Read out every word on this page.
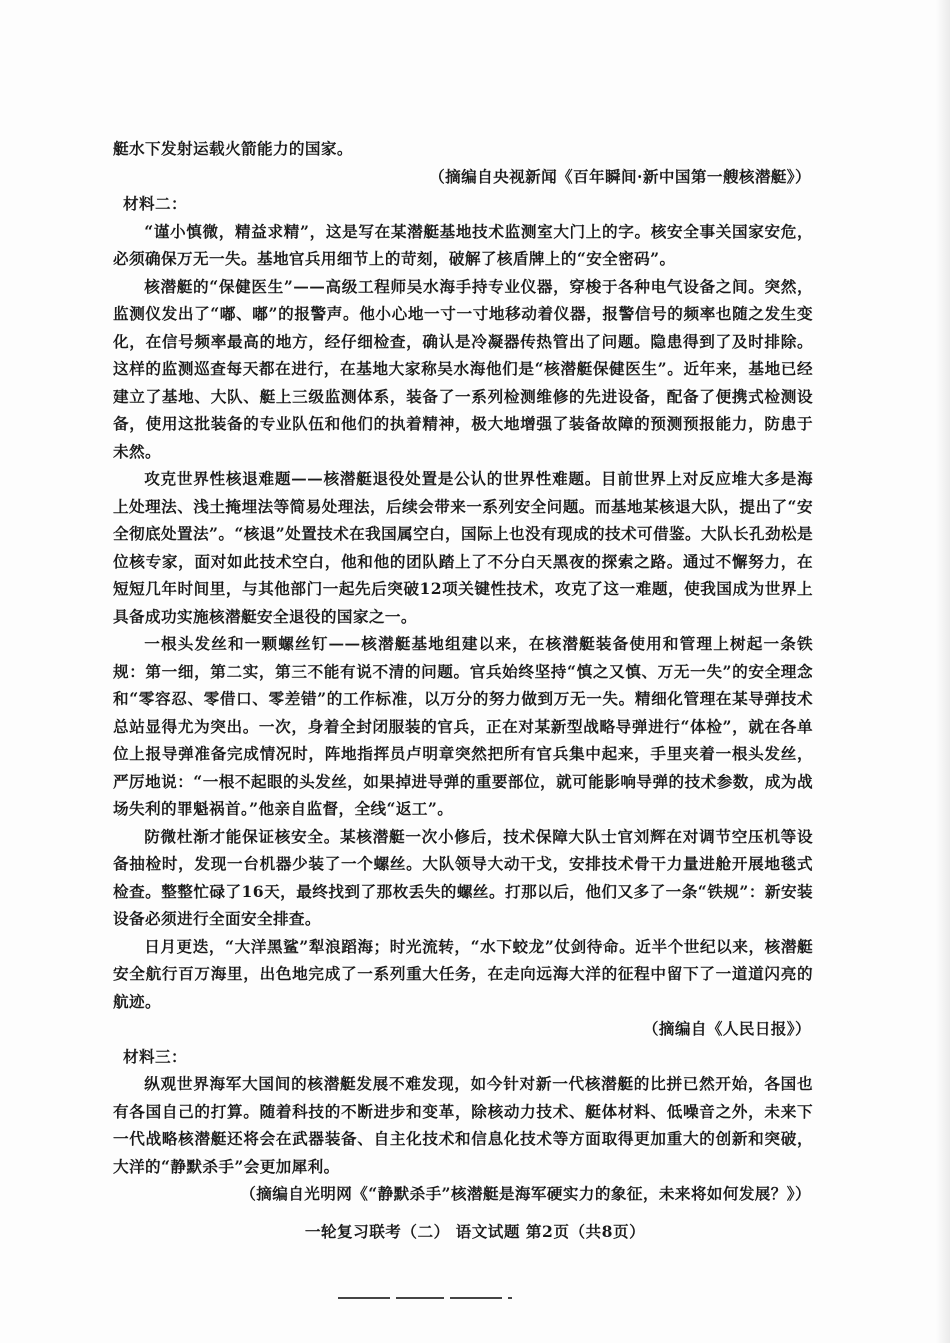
艇水下发射运载火箭能力的国家。

（摘编自央视新闻《百年瞬间·新中国第一艘核潜艇》）

材料二：

“谨小慎微，精益求精”，这是写在某潜艇基地技术监测室大门上的字。核安全事关国家安危，必须确保万无一失。基地官兵用细节上的苛刻，破解了核盾牌上的“安全密码”。

核潜艇的“保健医生”——高级工程师吴水海手持专业仪器，穿梭于各种电气设备之间。突然，监测仪发出了“嘟、嘟”的报警声。他小心地一寸一寸地移动着仪器，报警信号的频率也随之发生变化，在信号频率最高的地方，经仔细检查，确认是冷凝器传热管出了问题。隐患得到了及时排除。这样的监测巡查每天都在进行，在基地大家称吴水海他们是“核潜艇保健医生”。近年来，基地已经建立了基地、大队、艇上三级监测体系，装备了一系列检测维修的先进设备，配备了便携式检测设备，使用这批装备的专业队伍和他们的执着精神，极大地增强了装备故障的预测预报能力，防患于未然。

攻克世界性核退难题——核潜艇退役处置是公认的世界性难题。目前世界上对反应堆大多是海上处理法、浅土掩埋法等简易处理法，后续会带来一系列安全问题。而基地某核退大队，提出了“安全彻底处置法”。“核退”处置技术在我国属空白，国际上也没有现成的技术可借鉴。大队长孔劲松是位核专家，面对如此技术空白，他和他的团队踏上了不分白天黑夜的探索之路。通过不懈努力，在短短几年时间里，与其他部门一起先后突破12项关键性技术，攻克了这一难题，使我国成为世界上具备成功实施核潜艇安全退役的国家之一。

一根头发丝和一颗螺丝钉——核潜艇基地组建以来，在核潜艇装备使用和管理上树起一条铁规：第一细，第二实，第三不能有说不清的问题。官兵始终坚持“慎之又慎、万无一失”的安全理念和“零容忍、零借口、零差错”的工作标准，以万分的努力做到万无一失。精细化管理在某导弹技术总站显得尤为突出。一次，身着全封闭服装的官兵，正在对某新型战略导弹进行“体检”，就在各单位上报导弹准备完成情况时，阵地指挥员卢明章突然把所有官兵集中起来，手里夹着一根头发丝，严厉地说：“一根不起眼的头发丝，如果掉进导弹的重要部位，就可能影响导弹的技术参数，成为战场失利的罪魁祸首。”他亲自监督，全线“返工”。

防微杜渐才能保证核安全。某核潜艇一次小修后，技术保障大队士官刘辉在对调节空压机等设备抽检时，发现一台机器少装了一个螺丝。大队领导大动干戈，安排技术骨干力量进舱开展地毯式检查。整整忙碌了16天，最终找到了那枚丢失的螺丝。打那以后，他们又多了一条“铁规”：新安装设备必须进行全面安全排查。

日月更迭，“大洋黑鲨”犁浪蹈海；时光流转，“水下蛟龙”仗剑待命。近半个世纪以来，核潜艇安全航行百万海里，出色地完成了一系列重大任务，在走向远海大洋的征程中留下了一道道闪亮的航迹。

（摘编自《人民日报》）

材料三：

纵观世界海军大国间的核潜艇发展不难发现，如今针对新一代核潜艇的比拼已然开始，各国也有各国自己的打算。随着科技的不断进步和变革，除核动力技术、艇体材料、低噪音之外，未来下一代战略核潜艇还将会在武器装备、自主化技术和信息化技术等方面取得更加重大的创新和突破，大洋的“静默杀手”会更加犀利。

（摘编自光明网《“静默杀手”核潜艇是海军硬实力的象征，未来将如何发展？》）

一轮复习联考（二） 语文试题 第2页（共8页）
